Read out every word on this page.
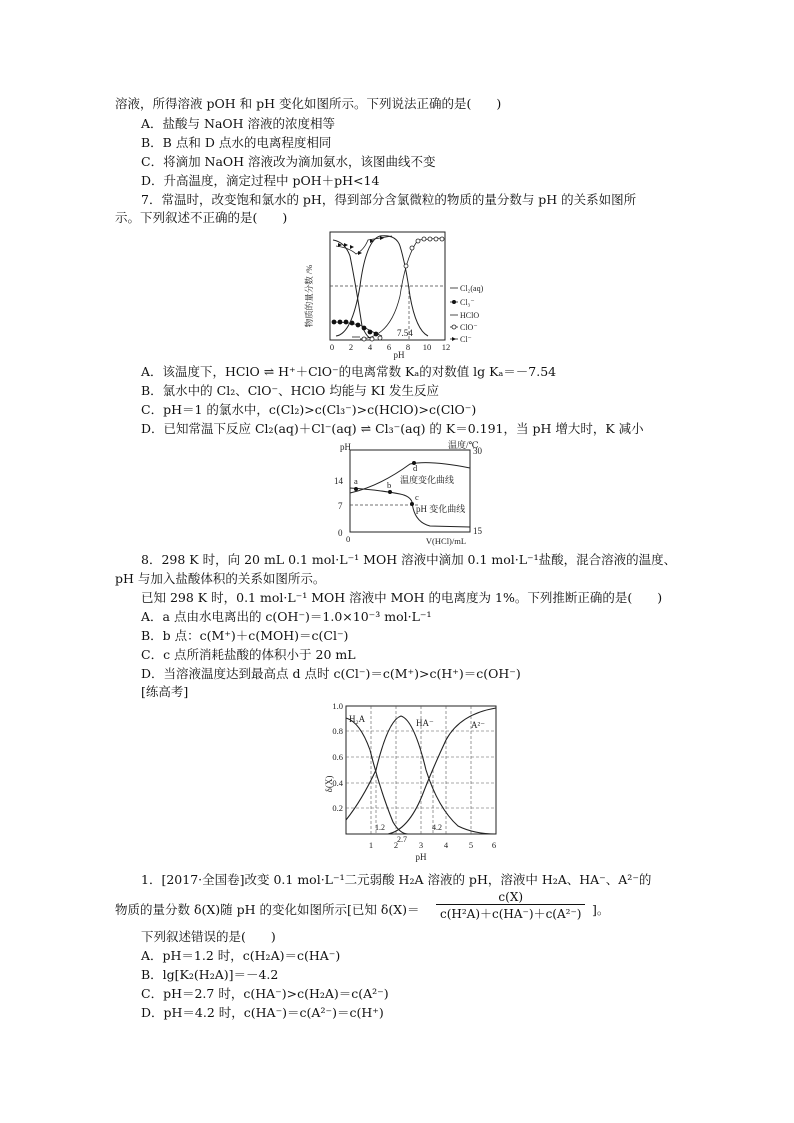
溶液，所得溶液 pOH 和 pH 变化如图所示。下列说法正确的是(　　)
A．盐酸与 NaOH 溶液的浓度相等
B．B 点和 D 点水的电离程度相同
C．将滴加 NaOH 溶液改为滴加氨水，该图曲线不变
D．升高温度，滴定过程中 pOH＋pH<14
7．常温时，改变饱和氯水的 pH，得到部分含氯微粒的物质的量分数与 pH 的关系如图所
示。下列叙述不正确的是(　　)
物质的量分数 /%
7.54
0 2 4 6 8 10 12
pH
Cl₂(aq)
Cl₃⁻
HClO
ClO⁻
Cl⁻
A．该温度下，HClO ⇌ H⁺＋ClO⁻的电离常数 Kₐ的对数值 lg Kₐ＝－7.54
B．氯水中的 Cl₂、ClO⁻、HClO 均能与 KI 发生反应
C．pH＝1 的氯水中，c(Cl₂)>c(Cl₃⁻)>c(HClO)>c(ClO⁻)
D．已知常温下反应 Cl₂(aq)＋Cl⁻(aq) ⇌ Cl₃⁻(aq) 的 K＝0.191，当 pH 增大时，K 减小
pH	温度/℃
14
7
0
30
15
a	b
c
d
温度变化曲线
pH 变化曲线
0	V(HCl)/mL
8．298 K 时，向 20 mL 0.1 mol·L⁻¹ MOH 溶液中滴加 0.1 mol·L⁻¹盐酸，混合溶液的温度、
pH 与加入盐酸体积的关系如图所示。
已知 298 K 时，0.1 mol·L⁻¹ MOH 溶液中 MOH 的电离度为 1%。下列推断正确的是(　　)
A．a 点由水电离出的 c(OH⁻)＝1.0×10⁻³ mol·L⁻¹
B．b 点：c(M⁺)＋c(MOH)＝c(Cl⁻)
C．c 点所消耗盐酸的体积小于 20 mL
D．当溶液温度达到最高点 d 点时 c(Cl⁻)＝c(M⁺)>c(H⁺)＝c(OH⁻)
[练高考]
H₂A	HA⁻	A²⁻
δ(X)
1.0
0.8
0.6
0.4
0.2
1 2 3 4 5 6
1.2
2.7
4.2
pH
1．[2017·全国卷]改变 0.1 mol·L⁻¹二元弱酸 H₂A 溶液的 pH，溶液中 H₂A、HA⁻、A²⁻的
物质的量分数 δ(X)随 pH 的变化如图所示[已知 $\delta(X)= \frac{c(X)}{\text{c(H²A)＋c(HA⁻)＋c(A²⁻)}}$ ]。
下列叙述错误的是(　　)
A．pH＝1.2 时，c(H₂A)＝c(HA⁻)
B．lg[K₂(H₂A)]＝－4.2
C．pH＝2.7 时，c(HA⁻)>c(H₂A)＝c(A²⁻)
D．pH＝4.2 时，c(HA⁻)＝c(A²⁻)＝c(H⁺)
